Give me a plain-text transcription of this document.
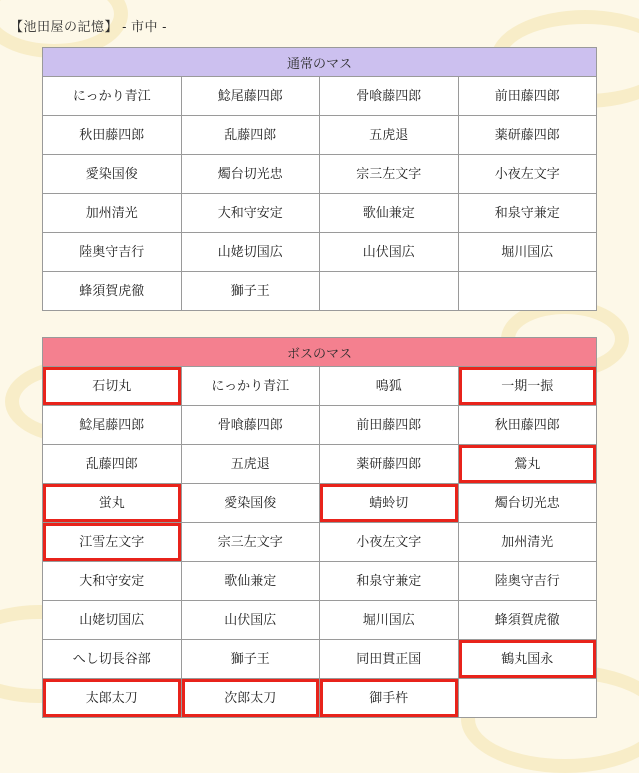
【池田屋の記憶】 - 市中 -
通常のマス			

にっかり青江	鯰尾藤四郎	骨喰藤四郎	前田藤四郎

秋田藤四郎	乱藤四郎	五虎退	薬研藤四郎

愛染国俊	燭台切光忠	宗三左文字	小夜左文字

加州清光	大和守安定	歌仙兼定	和泉守兼定

陸奥守吉行	山姥切国広	山伏国広	堀川国広

蜂須賀虎徹	獅子王		

ボスのマス			

石切丸	にっかり青江	鳴狐	一期一振

鯰尾藤四郎	骨喰藤四郎	前田藤四郎	秋田藤四郎

乱藤四郎	五虎退	薬研藤四郎	鶯丸

蛍丸	愛染国俊	蜻蛉切	燭台切光忠

江雪左文字	宗三左文字	小夜左文字	加州清光

大和守安定	歌仙兼定	和泉守兼定	陸奥守吉行

山姥切国広	山伏国広	堀川国広	蜂須賀虎徹

へし切長谷部	獅子王	同田貫正国	鶴丸国永

太郎太刀	次郎太刀	御手杵	
